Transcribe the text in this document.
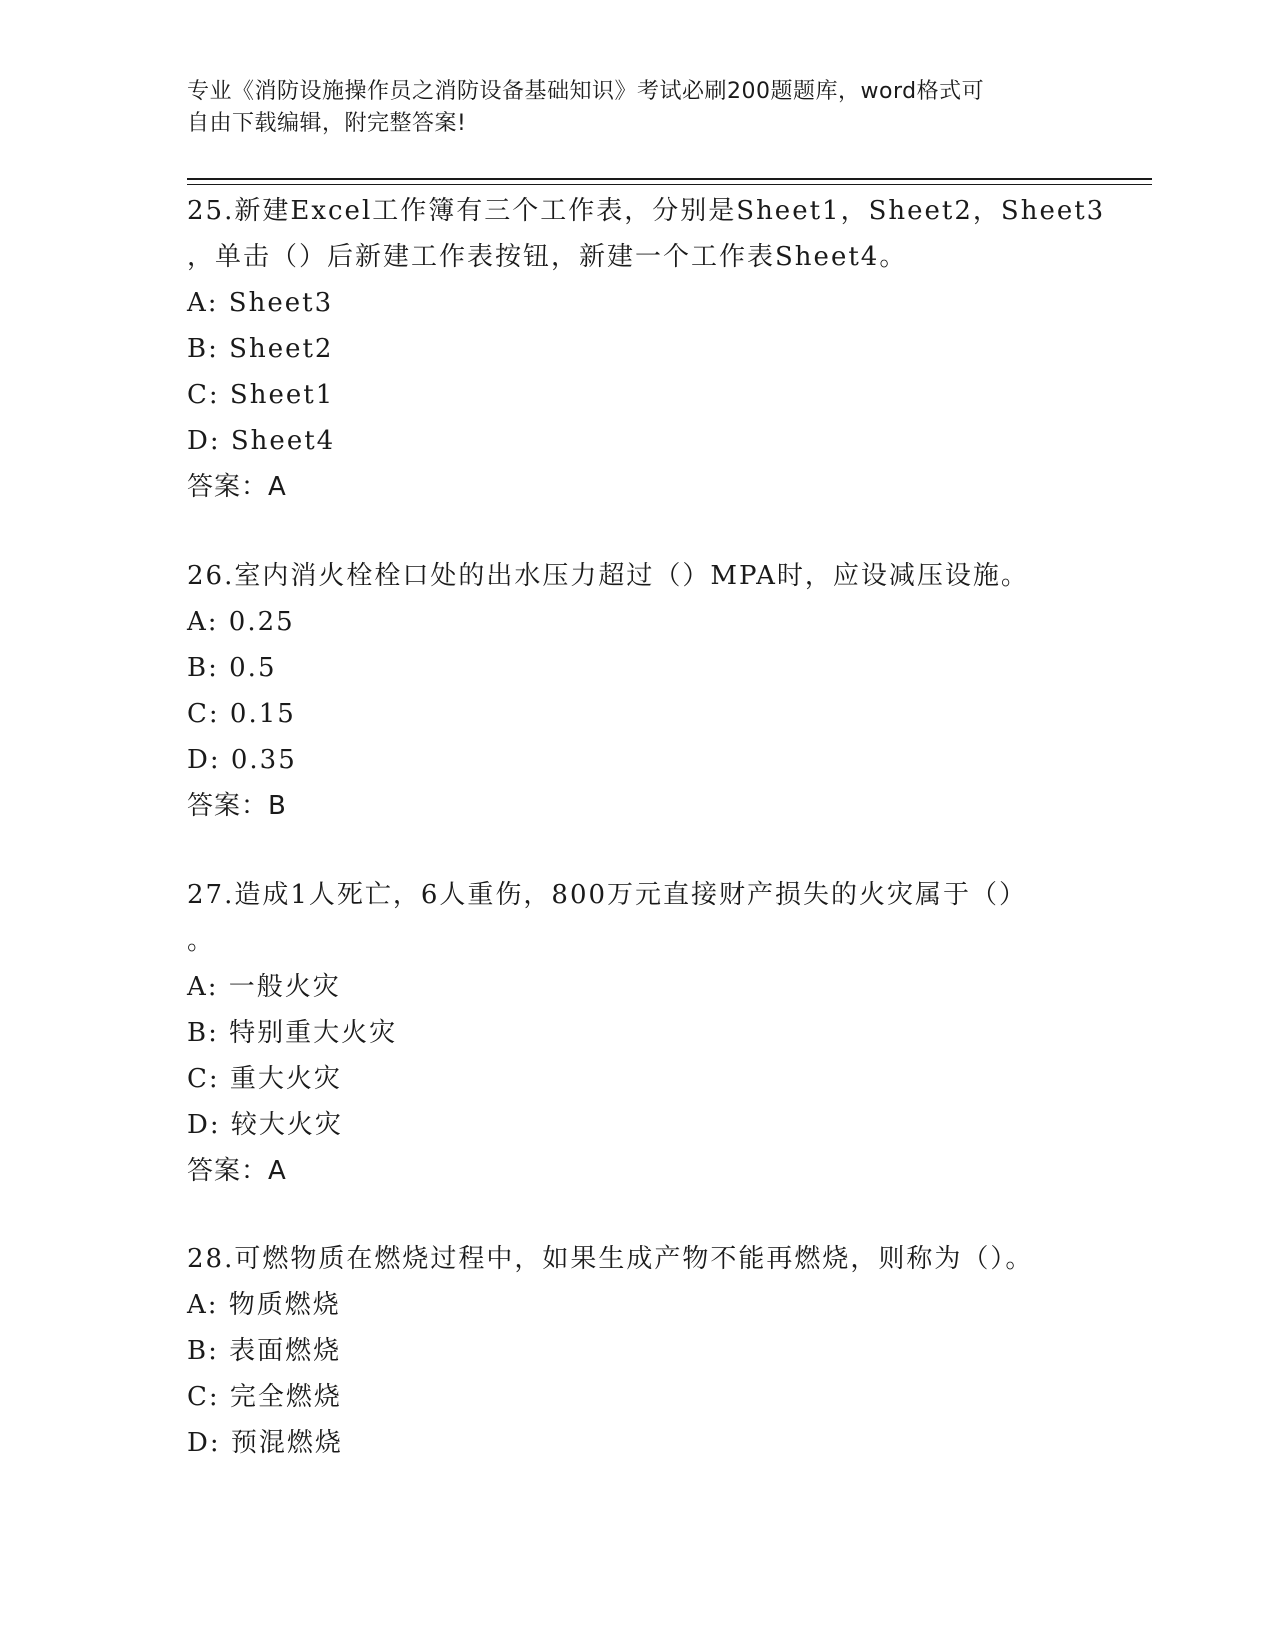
专业《消防设施操作员之消防设备基础知识》考试必刷200题题库，word格式可
自由下载编辑，附完整答案!
25.新建Excel工作簿有三个工作表，分别是Sheet1，Sheet2，Sheet3
，单击（）后新建工作表按钮，新建一个工作表Sheet4。
A: Sheet3
B: Sheet2
C: Sheet1
D: Sheet4
答案：A
26.室内消火栓栓口处的出水压力超过（）MPA时，应设减压设施。
A: 0.25
B: 0.5
C: 0.15
D: 0.35
答案：B
27.造成1人死亡，6人重伤，800万元直接财产损失的火灾属于（）
。
A: 一般火灾
B: 特别重大火灾
C: 重大火灾
D: 较大火灾
答案：A
28.可燃物质在燃烧过程中，如果生成产物不能再燃烧，则称为（）。
A: 物质燃烧
B: 表面燃烧
C: 完全燃烧
D: 预混燃烧
